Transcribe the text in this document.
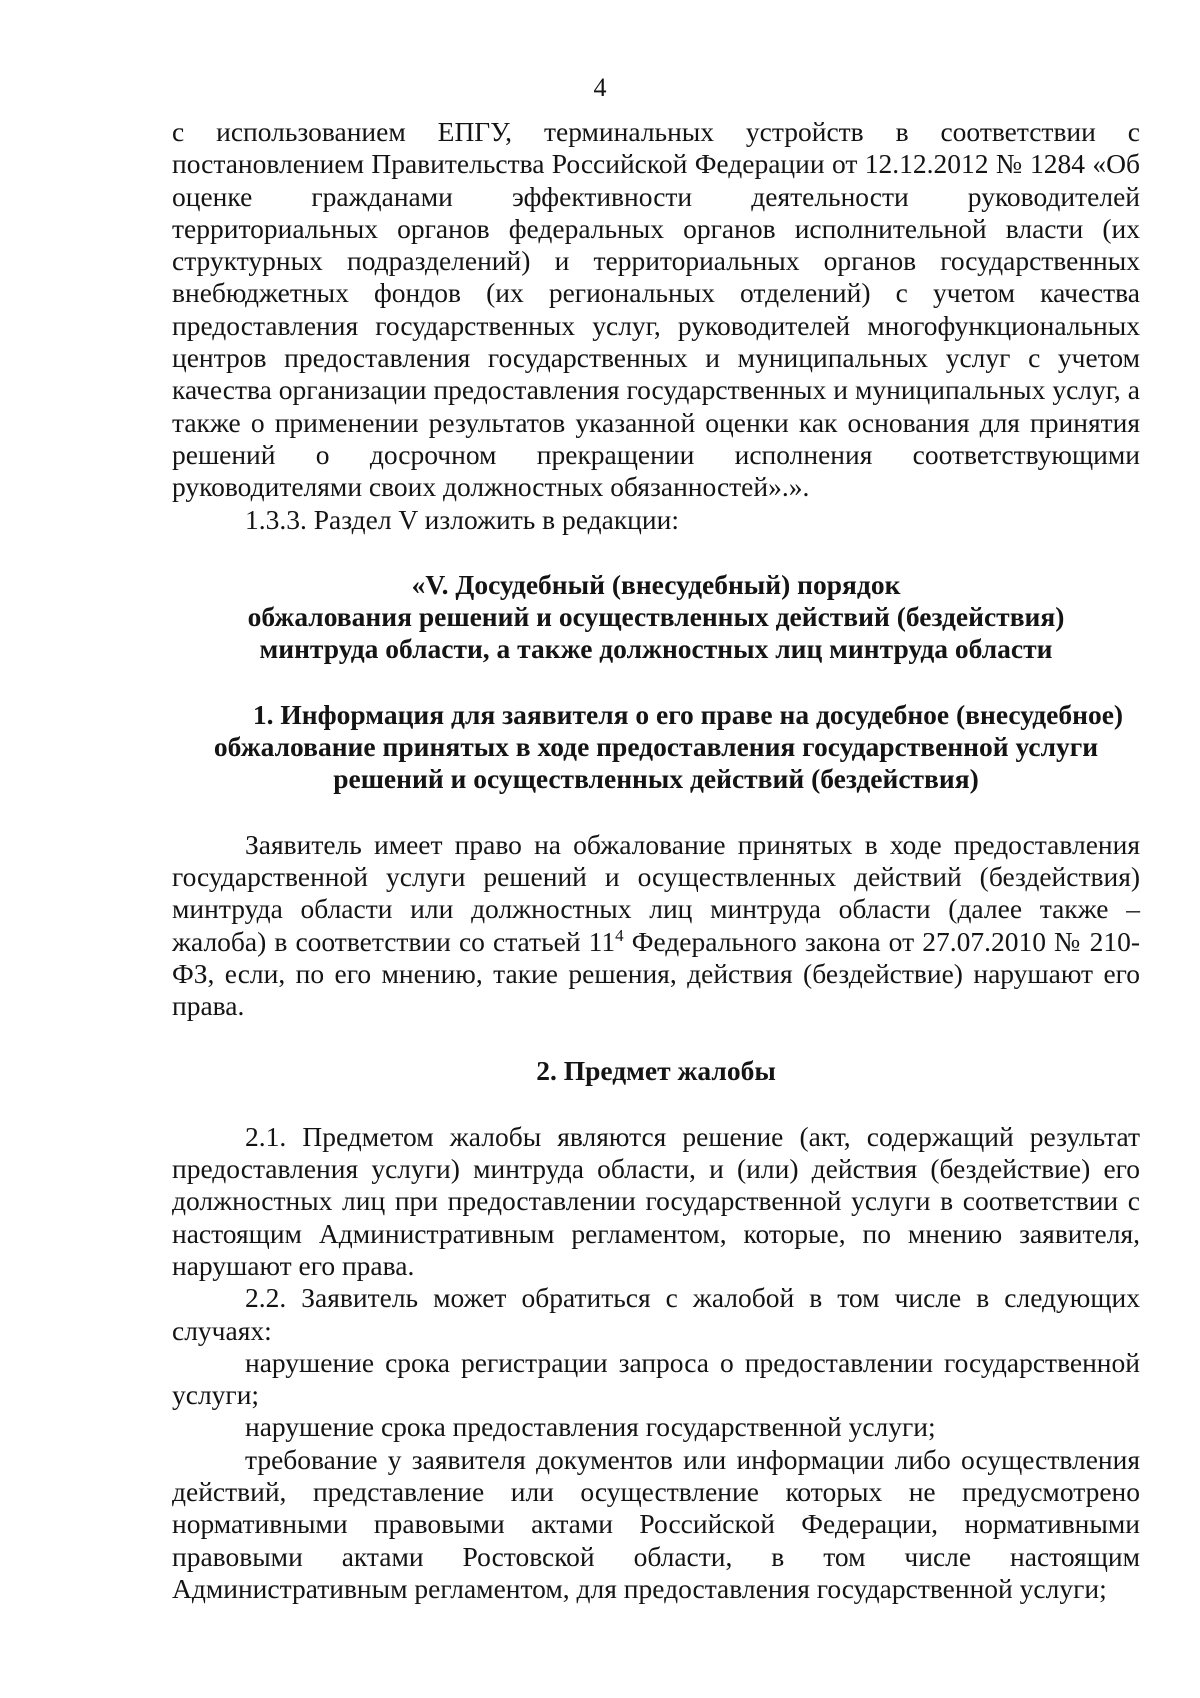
4

с использованием ЕПГУ, терминальных устройств в соответствии с постановлением Правительства Российской Федерации от 12.12.2012 № 1284 «Об оценке гражданами эффективности деятельности руководителей территориальных органов федеральных органов исполнительной власти (их структурных подразделений) и территориальных органов государственных внебюджетных фондов (их региональных отделений) с учетом качества предоставления государственных услуг, руководителей многофункциональных центров предоставления государственных и муниципальных услуг с учетом качества организации предоставления государственных и муниципальных услуг, а также о применении результатов указанной оценки как основания для принятия решений о досрочном прекращении исполнения соответствующими руководителями своих должностных обязанностей».».

1.3.3. Раздел V изложить в редакции:

«V. Досудебный (внесудебный) порядок

обжалования решений и осуществленных действий (бездействия)

минтруда области, а также должностных лиц минтруда области

1. Информация для заявителя о его праве на досудебное (внесудебное)

обжалование принятых в ходе предоставления государственной услуги

решений и осуществленных действий (бездействия)

Заявитель имеет право на обжалование принятых в ходе предоставления государственной услуги решений и осуществленных действий (бездействия) минтруда области или должностных лиц минтруда области (далее также – жалоба) в соответствии со статьей $11^4$ Федерального закона от 27.07.2010 № 210-ФЗ, если, по его мнению, такие решения, действия (бездействие) нарушают его права.

2. Предмет жалобы

2.1. Предметом жалобы являются решение (акт, содержащий результат предоставления услуги) минтруда области, и (или) действия (бездействие) его должностных лиц при предоставлении государственной услуги в соответствии с настоящим Административным регламентом, которые, по мнению заявителя, нарушают его права.

2.2. Заявитель может обратиться с жалобой в том числе в следующих случаях:

нарушение срока регистрации запроса о предоставлении государственной услуги;

нарушение срока предоставления государственной услуги;

требование у заявителя документов или информации либо осуществления действий, представление или осуществление которых не предусмотрено нормативными правовыми актами Российской Федерации, нормативными правовыми актами Ростовской области, в том числе настоящим Административным регламентом, для предоставления государственной услуги;
